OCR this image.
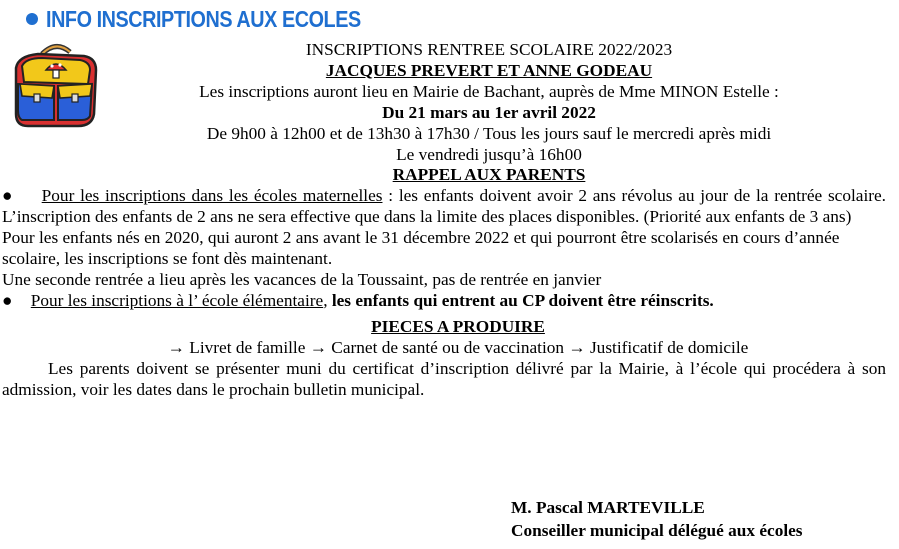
INFO INSCRIPTIONS AUX ECOLES

INSCRIPTIONS RENTREE SCOLAIRE 2022/2023

JACQUES PREVERT ET ANNE GODEAU

Les inscriptions auront lieu en Mairie de Bachant, auprès de Mme MINON Estelle :

Du 21 mars au 1er avril 2022

De 9h00 à 12h00 et de 13h30 à 17h30 / Tous les jours sauf le mercredi après midi

Le vendredi jusqu’à 16h00

RAPPEL AUX PARENTS

● Pour les inscriptions dans les écoles maternelles : les enfants doivent avoir 2 ans révolus au jour de la rentrée scolaire. L’inscription des enfants de 2 ans ne sera effective que dans la limite des places disponibles. (Priorité aux enfants de 3 ans)

Pour les enfants nés en 2020, qui auront 2 ans avant le 31 décembre 2022 et qui pourront être scolarisés en cours d’année scolaire, les inscriptions se font dès maintenant.

Une seconde rentrée a lieu après les vacances de la Toussaint, pas de rentrée en janvier

● Pour les inscriptions à l’ école élémentaire, les enfants qui entrent au CP doivent être réinscrits.

PIECES A PRODUIRE

→ Livret de famille → Carnet de santé ou de vaccination → Justificatif de domicile

Les parents doivent se présenter muni du certificat d’inscription délivré par la Mairie, à l’école qui procédera à son admission, voir les dates dans le prochain bulletin municipal.

M. Pascal MARTEVILLE
Conseiller municipal délégué aux écoles
